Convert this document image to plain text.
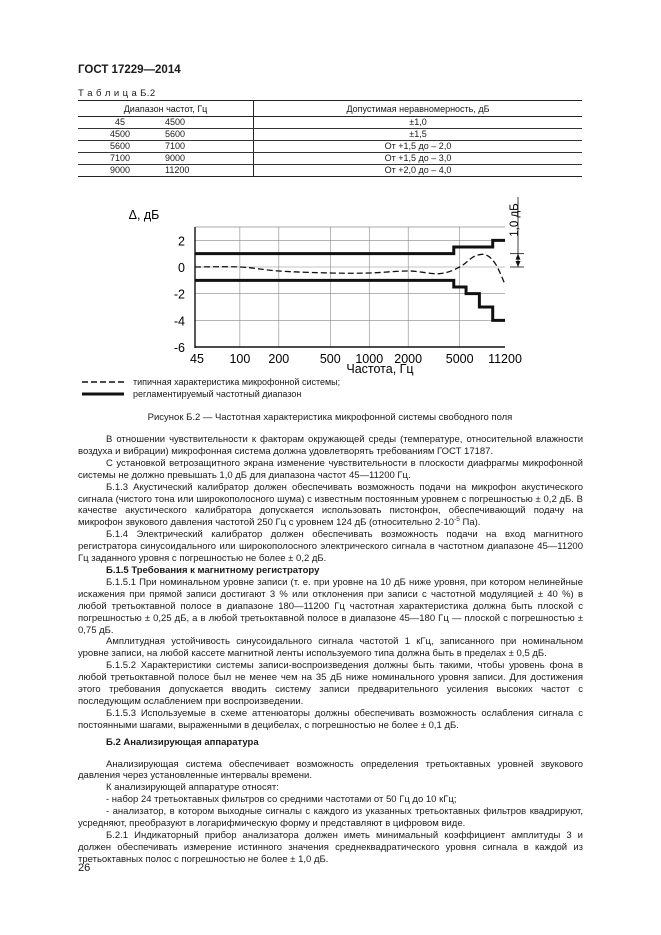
ГОСТ 17229—2014
Т а б л и ц а Б.2
Диапазон частот, Гц		Допустимая неравномерность, дБ
45	4500	±1,0
4500	5600	±1,5
5600	7100	От +1,5 до – 2,0
7100	9000	От +1,5 до – 3,0
9000	11200	От +2,0 до – 4,0
Δ, дБ
Частота, Гц
1,0 дБ
2
0
-2
-4
-6
45 100 200 500 1000 2000 5000 11200
типичная характеристика микрофонной системы;
регламентируемый частотный диапазон
Рисунок Б.2 — Частотная характеристика микрофонной системы свободного поля

В отношении чувствительности к факторам окружающей среды (температуре, относительной влажности воздуха и вибрации) микрофонная система должна удовлетворять требованиям ГОСТ 17187.

С установкой ветрозащитного экрана изменение чувствительности в плоскости диафрагмы микрофонной системы не должно превышать 1,0 дБ для диапазона частот 45—11200 Гц.

Б.1.3 Акустический калибратор должен обеспечивать возможность подачи на микрофон акустического сигнала (чистого тона или широкополосного шума) с известным постоянным уровнем с погрешностью ± 0,2 дБ. В качестве акустического калибратора допускается использовать пистонфон, обеспечивающий подачу на микрофон звукового давления частотой 250 Гц с уровнем 124 дБ (относительно $2\cdot 10^{-5}$ Па).

Б.1.4 Электрический калибратор должен обеспечивать возможность подачи на вход магнитного регистратора синусоидального или широкополосного электрического сигнала в частотном диапазоне 45—11200 Гц заданного уровня с погрешностью не более ± 0,2 дБ.

Б.1.5 Требования к магнитному регистратору

Б.1.5.1 При номинальном уровне записи (т. е. при уровне на 10 дБ ниже уровня, при котором нелинейные искажения при прямой записи достигают 3 % или отклонения при записи с частотной модуляцией ± 40 %) в любой третьоктавной полосе в диапазоне 180—11200 Гц частотная характеристика должна быть плоской с погрешностью ± 0,25 дБ, а в любой третьоктавной полосе в диапазоне 45—180 Гц — плоской с погрешностью ± 0,75 дБ.

Амплитудная устойчивость синусоидального сигнала частотой 1 кГц, записанного при номинальном уровне записи, на любой кассете магнитной ленты используемого типа должна быть в пределах ± 0,5 дБ.

Б.1.5.2 Характеристики системы записи-воспроизведения должны быть такими, чтобы уровень фона в любой третьоктавной полосе был не менее чем на 35 дБ ниже номинального уровня записи. Для достижения этого требования допускается вводить систему записи предварительного усиления высоких частот с последующим ослаблением при воспроизведении.

Б.1.5.3 Используемые в схеме аттенюаторы должны обеспечивать возможность ослабления сигнала с постоянными шагами, выраженными в децибелах, с погрешностью не более ± 0,1 дБ.

Б.2 Анализирующая аппаратура

Анализирующая система обеспечивает возможность определения третьоктавных уровней звукового давления через установленные интервалы времени.

К анализирующей аппаратуре относят:

- набор 24 третьоктавных фильтров со средними частотами от 50 Гц до 10 кГц;

- анализатор, в котором выходные сигналы с каждого из указанных третьоктавных фильтров квадрируют, усредняют, преобразуют в логарифмическую форму и представляют в цифровом виде.

Б.2.1 Индикаторный прибор анализатора должен иметь минимальный коэффициент амплитуды 3 и должен обеспечивать измерение истинного значения среднеквадратического уровня сигнала в каждой из третьоктавных полос с погрешностью не более ± 1,0 дБ.

26
